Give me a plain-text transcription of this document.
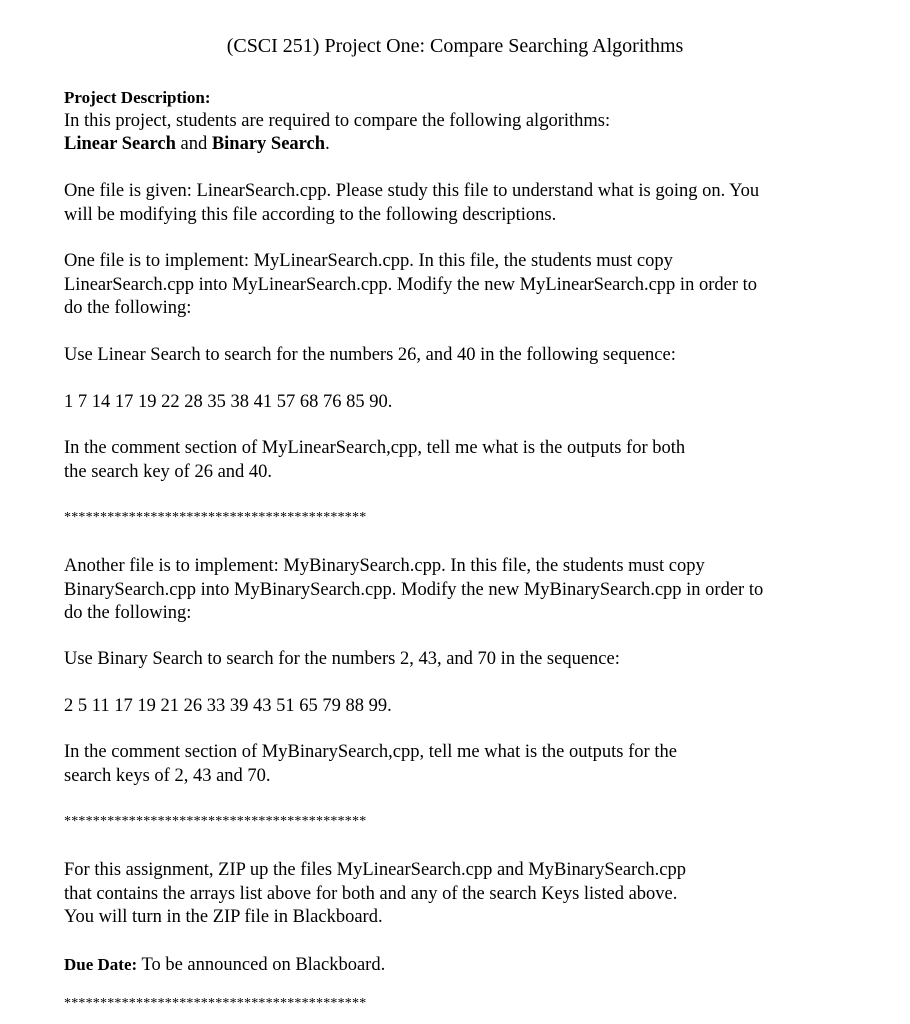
(CSCI 251) Project One: Compare Searching Algorithms
Project Description:
In this project, students are required to compare the following algorithms:
Linear Search and Binary Search.
One file is given: LinearSearch.cpp. Please study this file to understand what is going on. You
will be modifying this file according to the following descriptions.
One file is to implement: MyLinearSearch.cpp. In this file, the students must copy
LinearSearch.cpp into MyLinearSearch.cpp. Modify the new MyLinearSearch.cpp in order to
do the following:
Use Linear Search to search for the numbers 26, and 40 in the following sequence:
1 7 14 17 19 22 28 35 38 41 57 68 76 85 90.
In the comment section of MyLinearSearch,cpp, tell me what is the outputs for both
the search key of 26 and 40.
******************************************
Another file is to implement: MyBinarySearch.cpp. In this file, the students must copy
BinarySearch.cpp into MyBinarySearch.cpp. Modify the new MyBinarySearch.cpp in order to
do the following:
Use Binary Search to search for the numbers 2, 43, and 70 in the sequence:
2 5 11 17 19 21 26 33 39 43 51 65 79 88 99.
In the comment section of MyBinarySearch,cpp, tell me what is the outputs for the
search keys of 2, 43 and 70.
******************************************
For this assignment, ZIP up the files MyLinearSearch.cpp and MyBinarySearch.cpp
that contains the arrays list above for both and any of the search Keys listed above.
You will turn in the ZIP file in Blackboard.
Due Date: To be announced on Blackboard.
******************************************
